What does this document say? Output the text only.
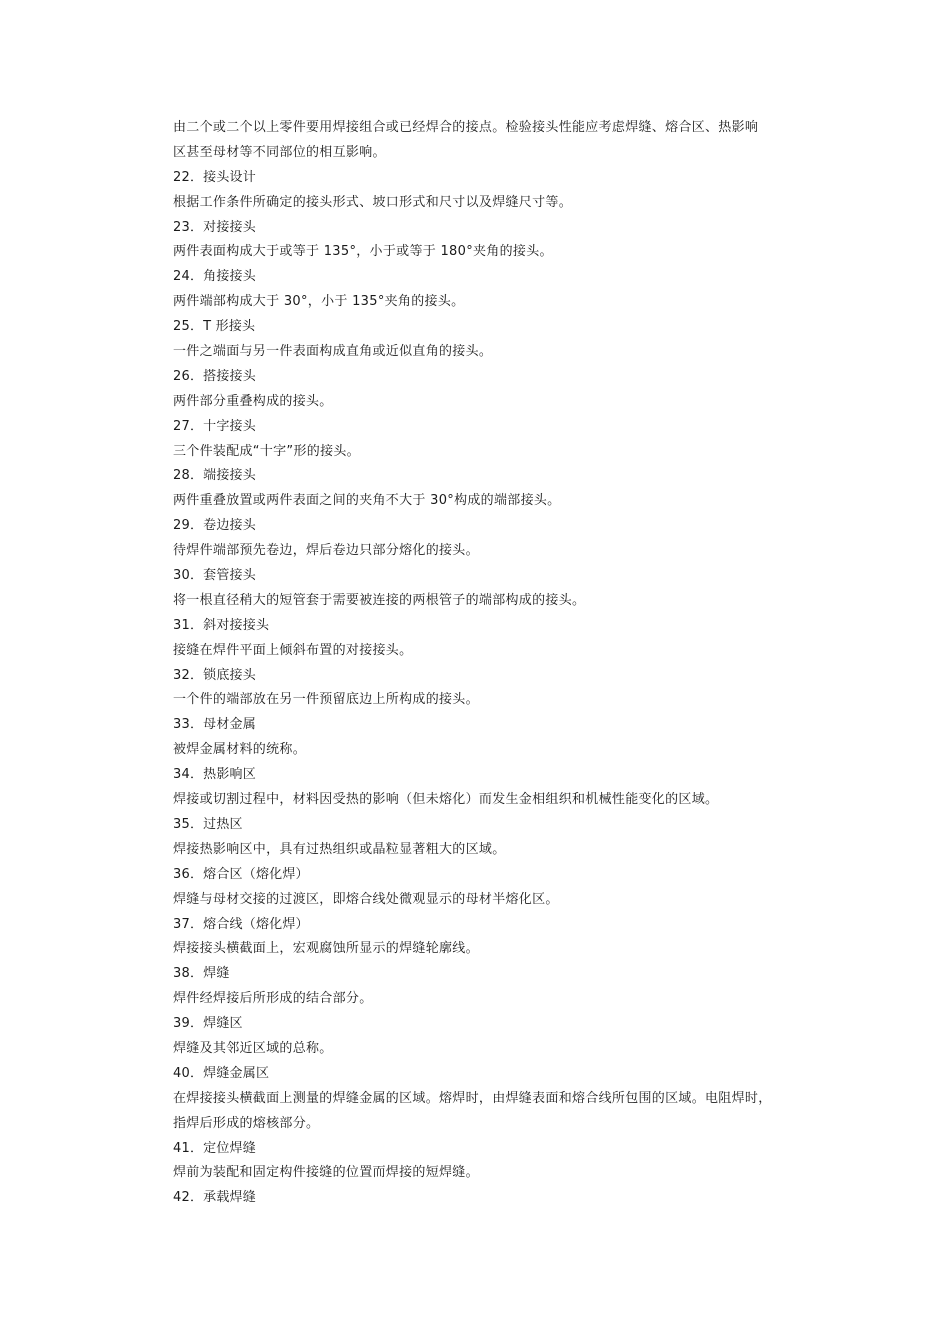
由二个或二个以上零件要用焊接组合或已经焊合的接点。检验接头性能应考虑焊缝、熔合区、热影响
区甚至母材等不同部位的相互影响。
22．接头设计
根据工作条件所确定的接头形式、坡口形式和尺寸以及焊缝尺寸等。
23．对接接头
两件表面构成大于或等于 135°，小于或等于 180°夹角的接头。
24．角接接头
两件端部构成大于 30°，小于 135°夹角的接头。
25．T 形接头
一件之端面与另一件表面构成直角或近似直角的接头。
26．搭接接头
两件部分重叠构成的接头。
27．十字接头
三个件装配成“十字”形的接头。
28．端接接头
两件重叠放置或两件表面之间的夹角不大于 30°构成的端部接头。
29．卷边接头
待焊件端部预先卷边，焊后卷边只部分熔化的接头。
30．套管接头
将一根直径稍大的短管套于需要被连接的两根管子的端部构成的接头。
31．斜对接接头
接缝在焊件平面上倾斜布置的对接接头。
32．锁底接头
一个件的端部放在另一件预留底边上所构成的接头。
33．母材金属
被焊金属材料的统称。
34．热影响区
焊接或切割过程中，材料因受热的影响（但未熔化）而发生金相组织和机械性能变化的区域。
35．过热区
焊接热影响区中，具有过热组织或晶粒显著粗大的区域。
36．熔合区（熔化焊）
焊缝与母材交接的过渡区，即熔合线处微观显示的母材半熔化区。
37．熔合线（熔化焊）
焊接接头横截面上，宏观腐蚀所显示的焊缝轮廓线。
38．焊缝
焊件经焊接后所形成的结合部分。
39．焊缝区
焊缝及其邻近区域的总称。
40．焊缝金属区
在焊接接头横截面上测量的焊缝金属的区域。熔焊时，由焊缝表面和熔合线所包围的区域。电阻焊时，
指焊后形成的熔核部分。
41．定位焊缝
焊前为装配和固定构件接缝的位置而焊接的短焊缝。
42．承载焊缝
